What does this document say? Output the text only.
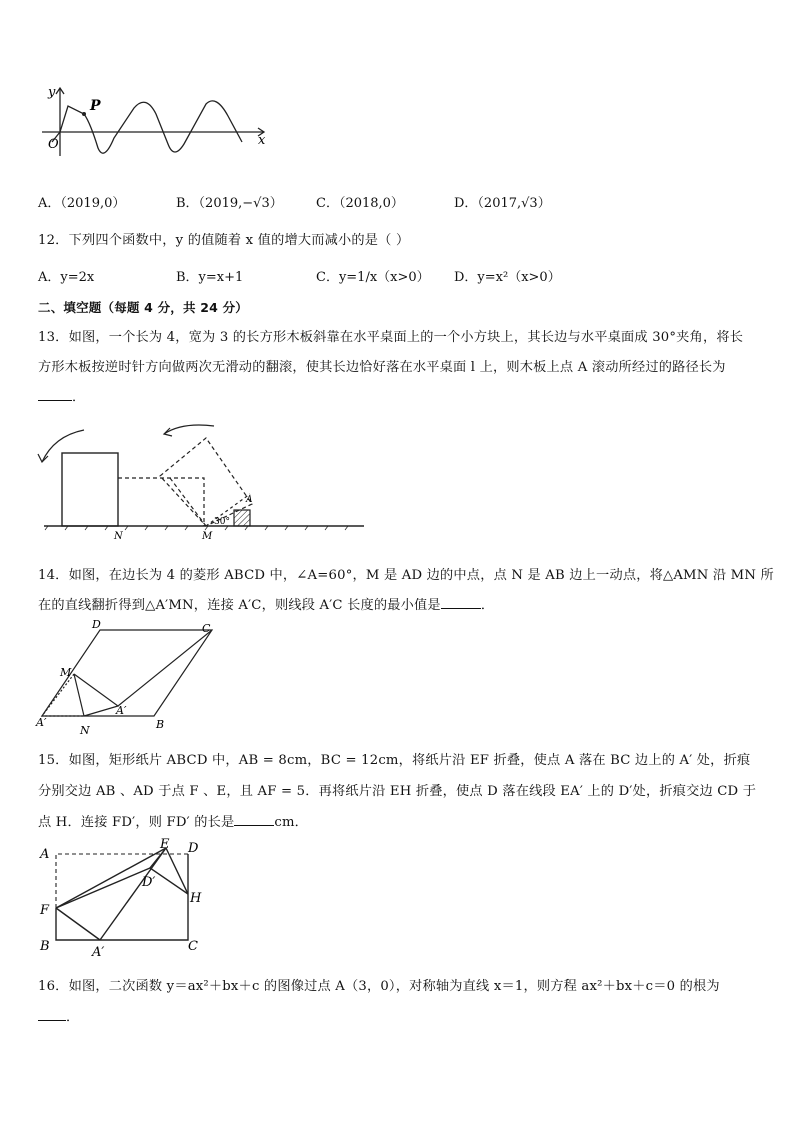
y
P
O	x
A．（2019,0）	B．（2019,−√3）	C．（2018,0）	D．（2017,√3）
12．下列四个函数中，y 的值随着 x 值的增大而减小的是（ ）
A．y=2x	B．y=x+1	C．y=1/x（x>0） D．y=x²（x>0）
二、填空题（每题 4 分，共 24 分）
13．如图，一个长为 4，宽为 3 的长方形木板斜靠在水平桌面上的一个小方块上，其长边与水平桌面成 30°夹角，将长
方形木板按逆时针方向做两次无滑动的翻滚，使其长边恰好落在水平桌面 l 上，则木板上点 A 滚动所经过的路径长为
．
N	M
A
30°
14．如图，在边长为 4 的菱形 ABCD 中，∠A=60°，M 是 AD 边的中点，点 N 是 AB 边上一动点，将△AMN 沿 MN 所
在的直线翻折得到△A′MN，连接 A′C，则线段 A′C 长度的最小值是	．
D	C
M
A′
A′
N	B
15．如图，矩形纸片 ABCD 中，AB = 8cm，BC = 12cm，将纸片沿 EF 折叠，使点 A 落在 BC 边上的 A′ 处，折痕
分别交边 AB 、AD 于点 F 、E，且 AF = 5．再将纸片沿 EH 折叠，使点 D 落在线段 EA′ 上的 D′处，折痕交边 CD 于
点 H．连接 FD′，则 FD′ 的长是	cm．
A
E D
D′
F
H
B	A′	C
16．如图，二次函数 y＝ax²＋bx＋c 的图像过点 A（3，0），对称轴为直线 x＝1，则方程 ax²＋bx＋c＝0 的根为
．
